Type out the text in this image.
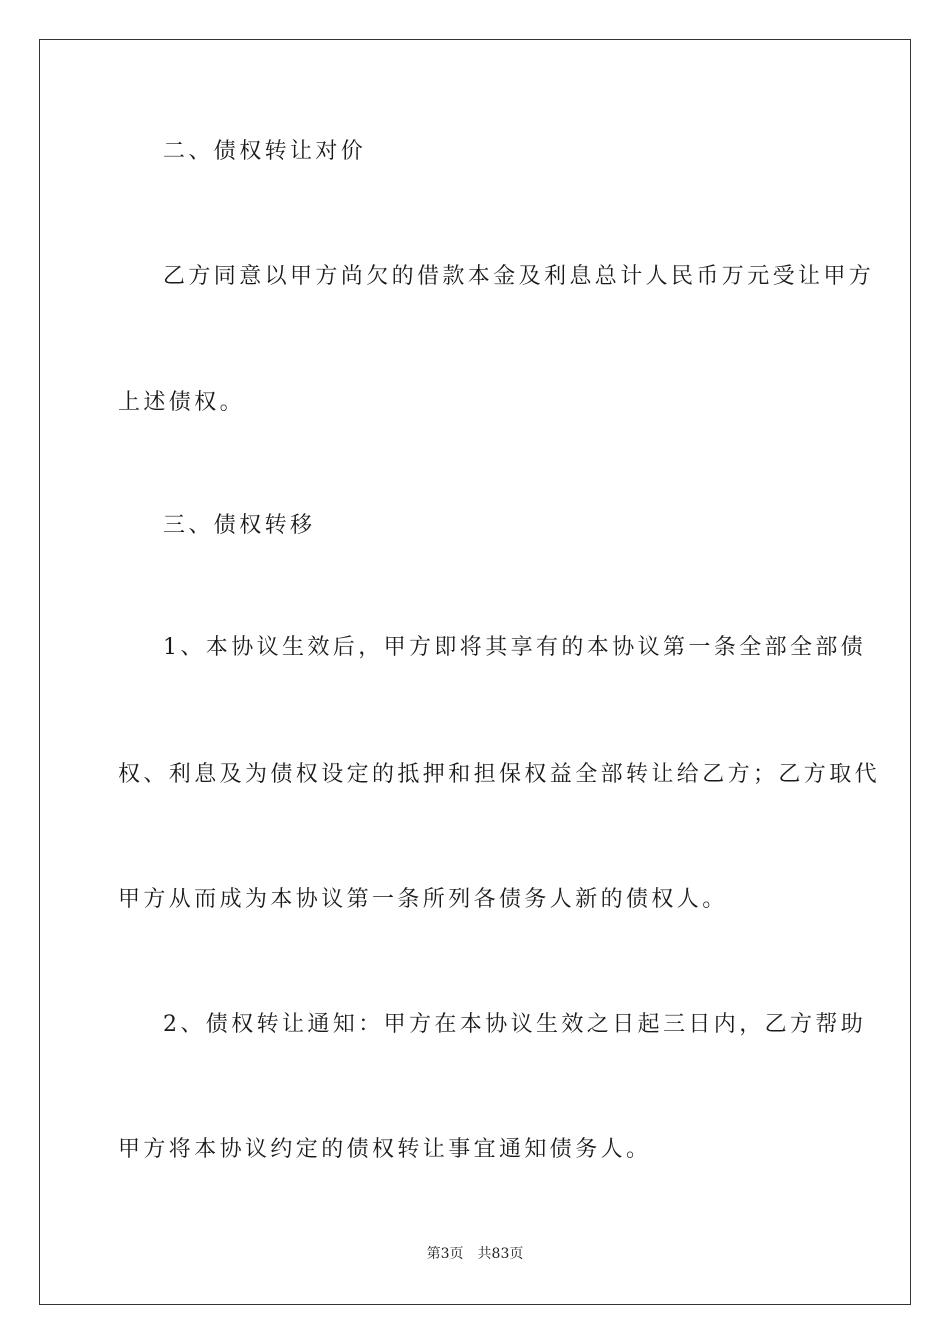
二、债权转让对价
乙方同意以甲方尚欠的借款本金及利息总计人民币万元受让甲方
上述债权。
三、债权转移
1、本协议生效后，甲方即将其享有的本协议第一条全部全部债
权、利息及为债权设定的抵押和担保权益全部转让给乙方；乙方取代
甲方从而成为本协议第一条所列各债务人新的债权人。
2、债权转让通知：甲方在本协议生效之日起三日内，乙方帮助
甲方将本协议约定的债权转让事宜通知债务人。
第3页 共83页
